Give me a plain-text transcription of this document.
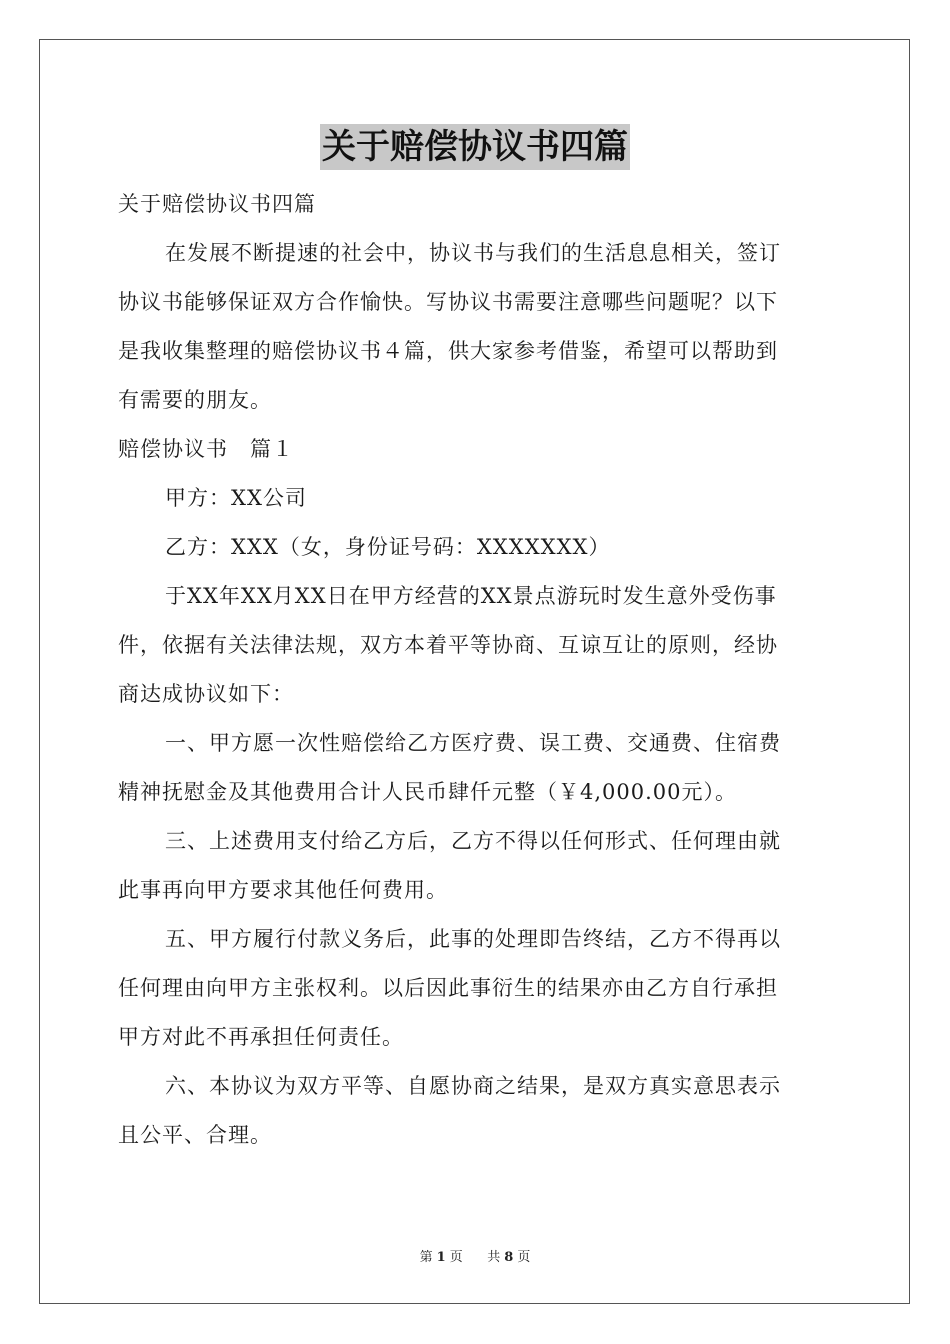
关于赔偿协议书四篇
关于赔偿协议书四篇
在发展不断提速的社会中，协议书与我们的生活息息相关，签订
协议书能够保证双方合作愉快。写协议书需要注意哪些问题呢？以下
是我收集整理的赔偿协议书４篇，供大家参考借鉴，希望可以帮助到
有需要的朋友。
赔偿协议书　篇１
甲方：XX公司
乙方：XXX（女，身份证号码：XXXXXXX）
于XX年XX月XX日在甲方经营的XX景点游玩时发生意外受伤事
件，依据有关法律法规，双方本着平等协商、互谅互让的原则，经协
商达成协议如下：
一、甲方愿一次性赔偿给乙方医疗费、误工费、交通费、住宿费
精神抚慰金及其他费用合计人民币肆仟元整（￥4,000.00元）。
三、上述费用支付给乙方后，乙方不得以任何形式、任何理由就
此事再向甲方要求其他任何费用。
五、甲方履行付款义务后，此事的处理即告终结，乙方不得再以
任何理由向甲方主张权利。以后因此事衍生的结果亦由乙方自行承担
甲方对此不再承担任何责任。
六、本协议为双方平等、自愿协商之结果，是双方真实意思表示
且公平、合理。
第 1 页 共 8 页
